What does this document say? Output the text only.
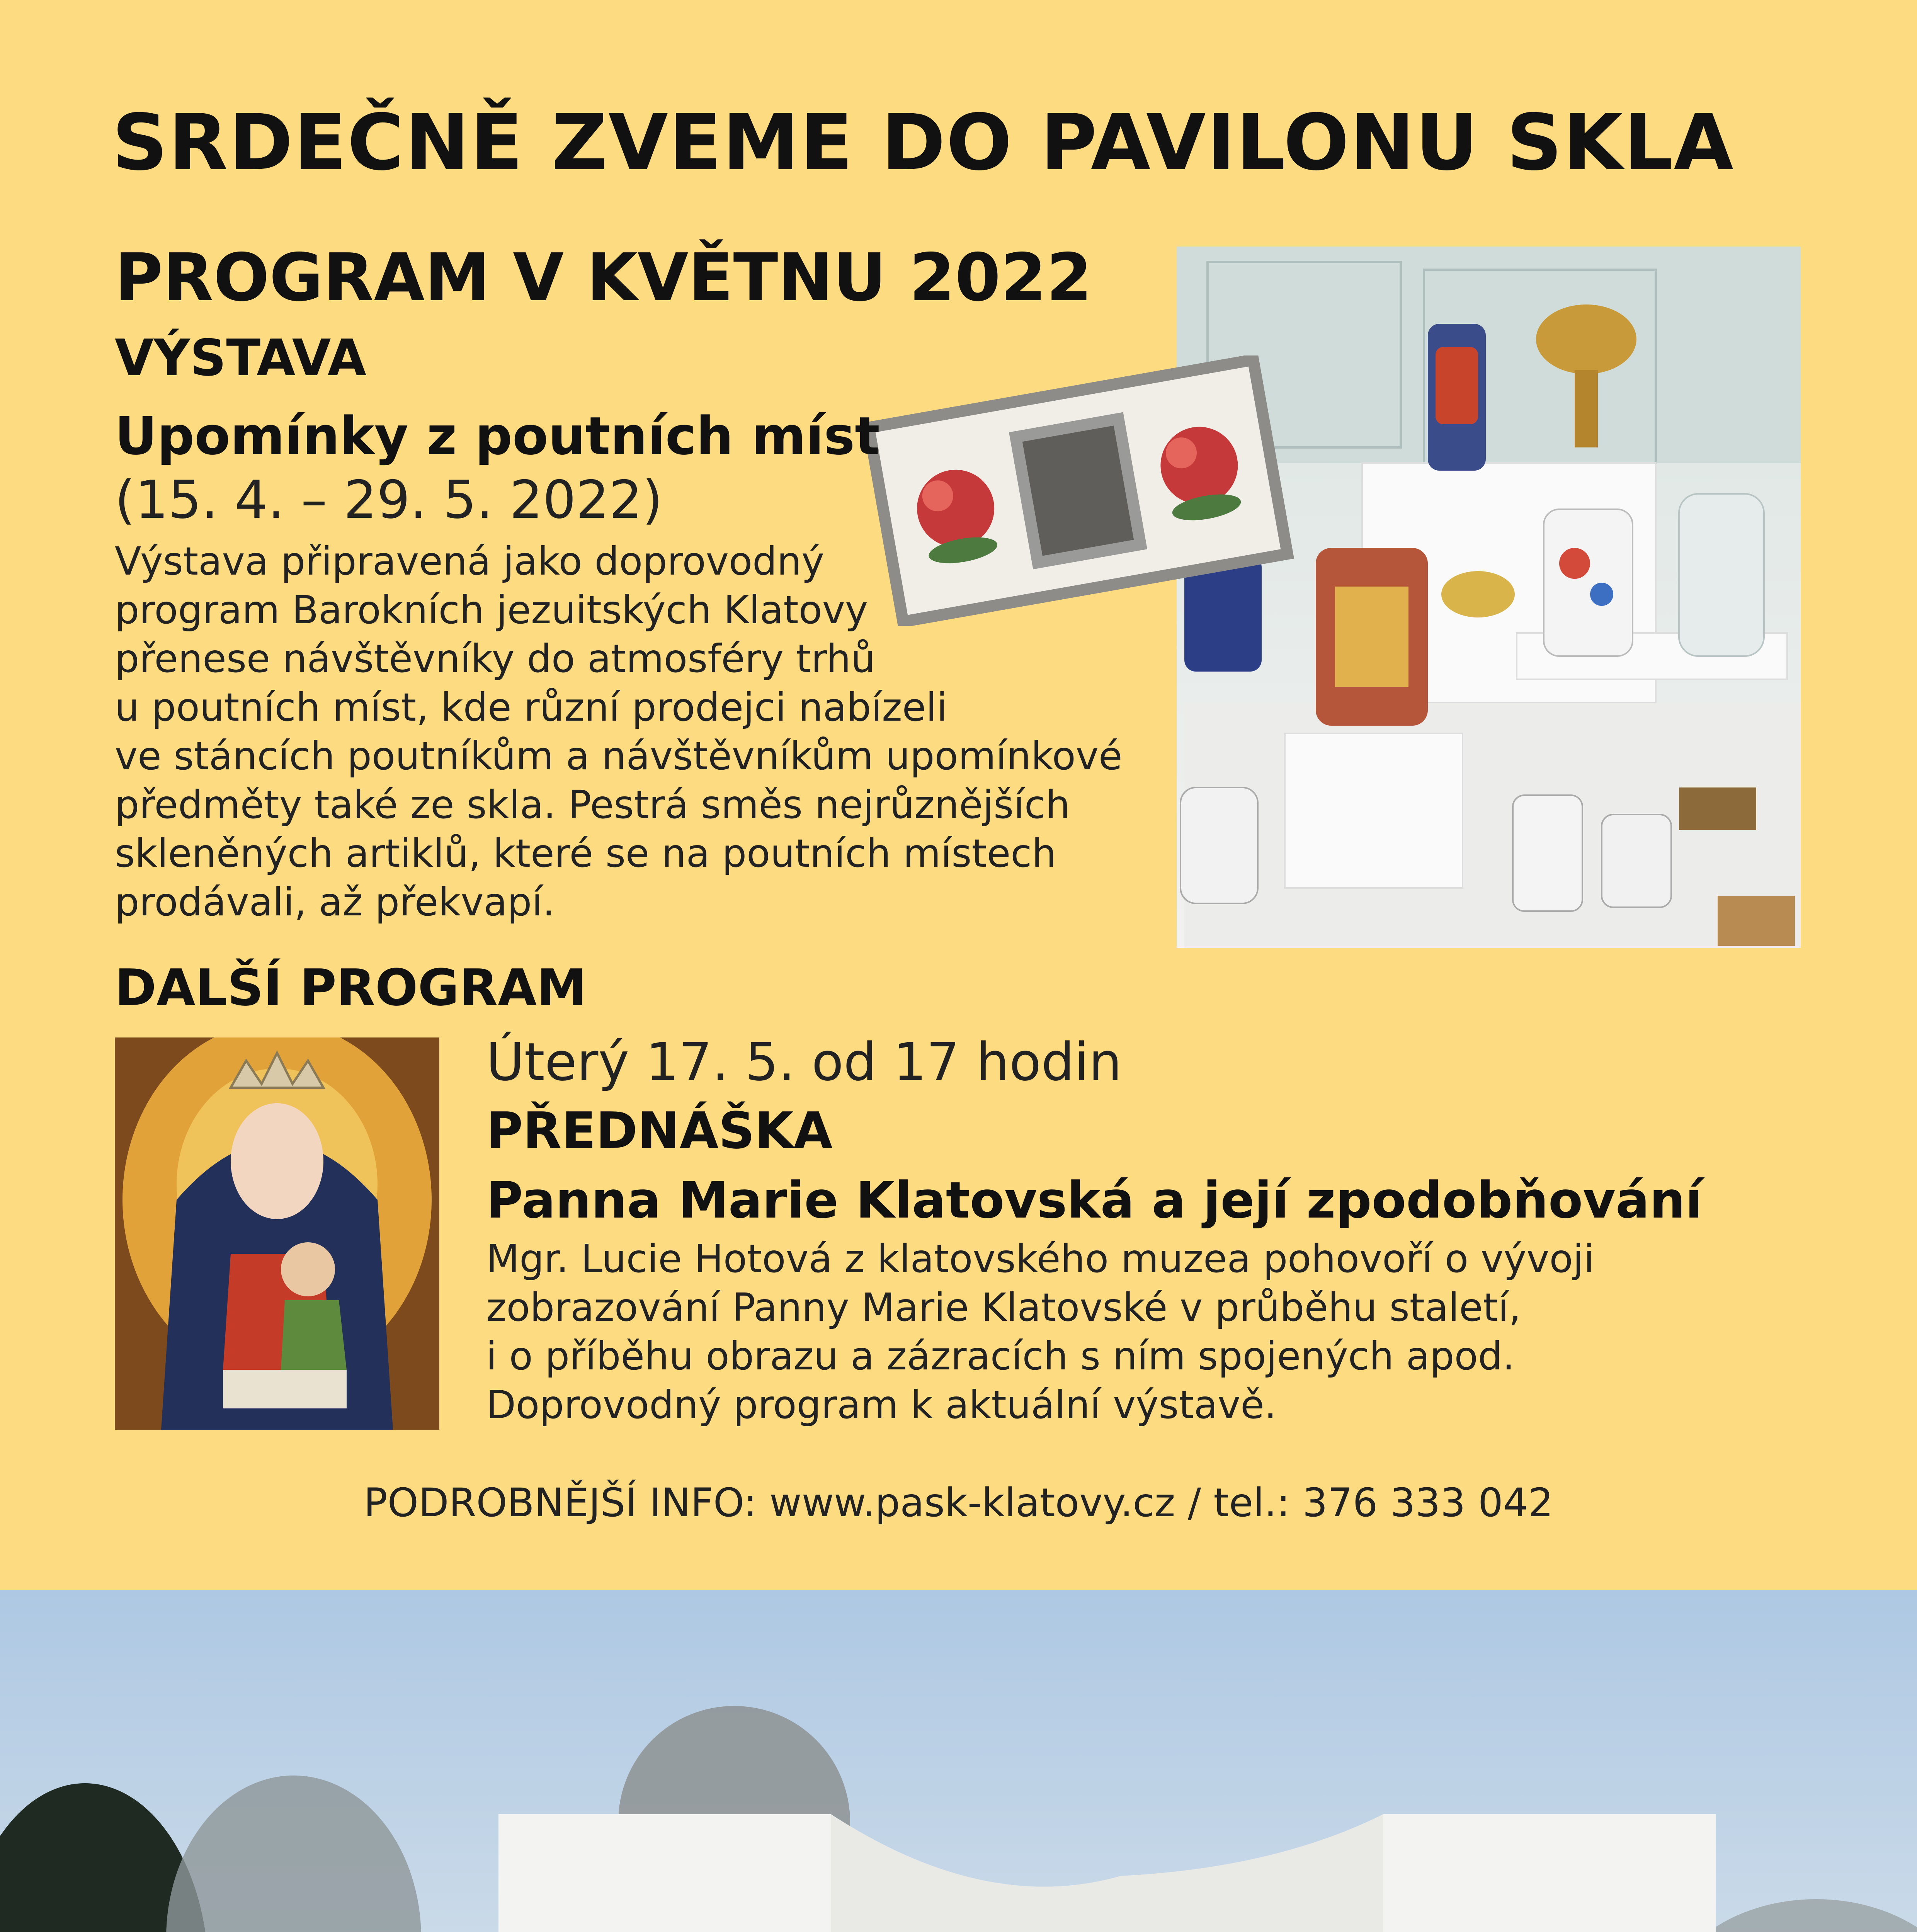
SRDEČNĚ ZVEME DO PAVILONU SKLA
PROGRAM V KVĚTNU 2022
VÝSTAVA
Upomínky z poutních míst
(15. 4. – 29. 5. 2022)

Výstava připravená jako doprovodný

program Barokních jezuitských Klatovy

přenese návštěvníky do atmosféry trhů

u poutních míst, kde různí prodejci nabízeli

ve stáncích poutníkům a návštěvníkům upomínkové

předměty také ze skla. Pestrá směs nejrůznějších

skleněných artiklů, které se na poutních místech

prodávali, až překvapí.

DALŠÍ PROGRAM
Úterý 17. 5. od 17 hodin
PŘEDNÁŠKA
Panna Marie Klatovská a její zpodobňování

Mgr. Lucie Hotová z klatovského muzea pohovoří o vývoji

zobrazování Panny Marie Klatovské v průběhu staletí,

i o příběhu obrazu a zázracích s ním spojených apod.

Doprovodný program k aktuální výstavě.

PODROBNĚJŠÍ INFO: www.pask-klatovy.cz / tel.: 376 333 042
